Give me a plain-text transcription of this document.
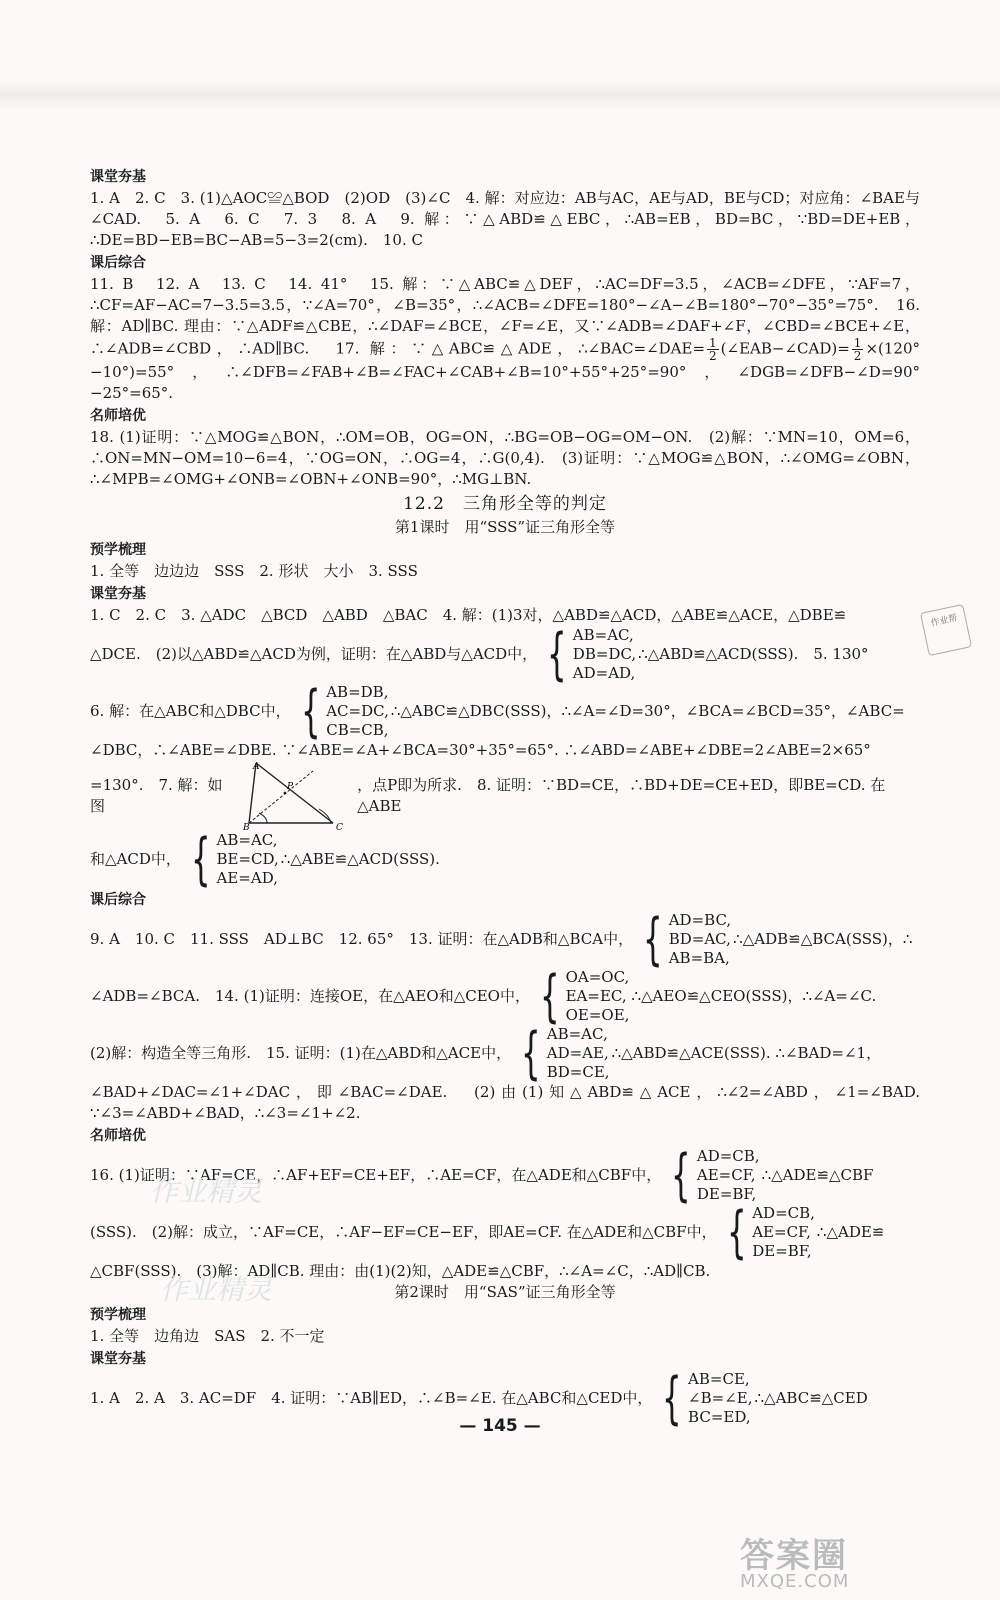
课堂夯基
1. A　2. C　3. (1)△AOC≌△BOD　(2)OD　(3)∠C　4. 解：对应边：AB与AC，AE与AD，BE与CD；对应角：∠BAE与∠CAD.　5. A　6. C　7. 3　8. A　9. 解：∵△ABD≌△EBC，∴AB=EB，BD=BC，∵BD=DE+EB，∴DE=BD−EB=BC−AB=5−3=2(cm).　10. C
课后综合
11. B　12. A　13. C　14. 41°　15. 解：∵△ABC≌△DEF，∴AC=DF=3.5，∠ACB=∠DFE，∵AF=7，∴CF=AF−AC=7−3.5=3.5，∵∠A=70°，∠B=35°，∴∠ACB=∠DFE=180°−∠A−∠B=180°−70°−35°=75°.　16. 解：AD∥BC. 理由：∵△ADF≌△CBE，∴∠DAF=∠BCE，∠F=∠E，又∵∠ADB=∠DAF+∠F，∠CBD=∠BCE+∠E，∴∠ADB=∠CBD，∴AD∥BC.　17. 解：∵△ABC≌△ADE，∴∠BAC=∠DAE= $\frac{1}{2}$ (∠EAB−∠CAD)= $\frac{1}{2} \times(120^\circ-10^\circ)=55^\circ$，∴∠DFB=∠FAB+∠B=∠FAC+∠CAB+∠B=10°+55°+25°=90°，∠DGB=∠DFB−∠D=90°−25°=65°.
名师培优
18. (1)证明：∵△MOG≌△BON，∴OM=OB，OG=ON，∴BG=OB−OG=OM−ON.　(2)解：∵MN=10，OM=6，∴ON=MN−OM=10−6=4，∵OG=ON，∴OG=4，∴G(0,4).　(3)证明：∵△MOG≌△BON，∴∠OMG=∠OBN，∴∠MPB=∠OMG+∠ONB=∠OBN+∠ONB=90°，∴MG⊥BN.
12.2　三角形全等的判定
第1课时　用“SSS”证三角形全等
预学梳理
1. 全等　边边边　SSS　2. 形状　大小　3. SSS
课堂夯基
1. C　2. C　3. △ADC　△BCD　△ABD　△BAC　4. 解：(1)3对，△ABD≌△ACD，△ABE≌△ACE，△DBE≌
△DCE.　(2)以△ABD≌△ACD为例，证明：在△ABD与△ACD中， { AB=AC,
DB=DC,
AD=AD,
∴△ABD≌△ACD(SSS).　5. 130°
6. 解：在△ABC和△DBC中， { AB=DB,
AC=DC,
CB=CB,
∴△ABC≌△DBC(SSS)，∴∠A=∠D=30°，∠BCA=∠BCD=35°，∠ABC=
∠DBC，∴∠ABE=∠DBE. ∵∠ABE=∠A+∠BCA=30°+35°=65°. ∴∠ABD=∠ABE+∠DBE=2∠ABE=2×65°
=130°.　7. 解：如图
A
B	C
P	，点P即为所求.　8. 证明：∵BD=CE，∴BD+DE=CE+ED，即BE=CD. 在△ABE
和△ACD中， { AB=AC,
BE=CD,
AE=AD,
∴△ABE≌△ACD(SSS).
课后综合
9. A　10. C　11. SSS　AD⊥BC　12. 65°　13. 证明：在△ADB和△BCA中， { AD=BC,
BD=AC,
AB=BA,
∴△ADB≌△BCA(SSS)，∴
∠ADB=∠BCA.　14. (1)证明：连接OE，在△AEO和△CEO中， { OA=OC,
EA=EC,
OE=OE,
∴△AEO≌△CEO(SSS)，∴∠A=∠C.
(2)解：构造全等三角形.　15. 证明：(1)在△ABD和△ACE中， { AB=AC,
AD=AE,
BD=CE,
∴△ABD≌△ACE(SSS). ∴∠BAD=∠1，
∠BAD+∠DAC=∠1+∠DAC，即∠BAC=∠DAE.　(2)由(1)知△ABD≌△ACE，∴∠2=∠ABD，∠1=∠BAD. ∵∠3=∠ABD+∠BAD，∴∠3=∠1+∠2.
名师培优
16. (1)证明：∵AF=CE，∴AF+EF=CE+EF，∴AE=CF，在△ADE和△CBF中， { AD=CB,
AE=CF,
DE=BF,
∴△ADE≌△CBF
(SSS).　(2)解：成立，∵AF=CE，∴AF−EF=CE−EF，即AE=CF. 在△ADE和△CBF中， { AD=CB,
AE=CF,
DE=BF,
∴△ADE≌
△CBF(SSS).　(3)解：AD∥CB. 理由：由(1)(2)知，△ADE≌△CBF，∴∠A=∠C，∴AD∥CB.
第2课时　用“SAS”证三角形全等
预学梳理
1. 全等　边角边　SAS　2. 不一定
课堂夯基
1. A　2. A　3. AC=DF　4. 证明：∵AB∥ED，∴∠B=∠E. 在△ABC和△CED中， { AB=CE,
∠B=∠E,
BC=ED,
∴△ABC≌△CED
作业帮
作业精灵
作业精灵
— 145 —
答案圈
MXQE.COM
